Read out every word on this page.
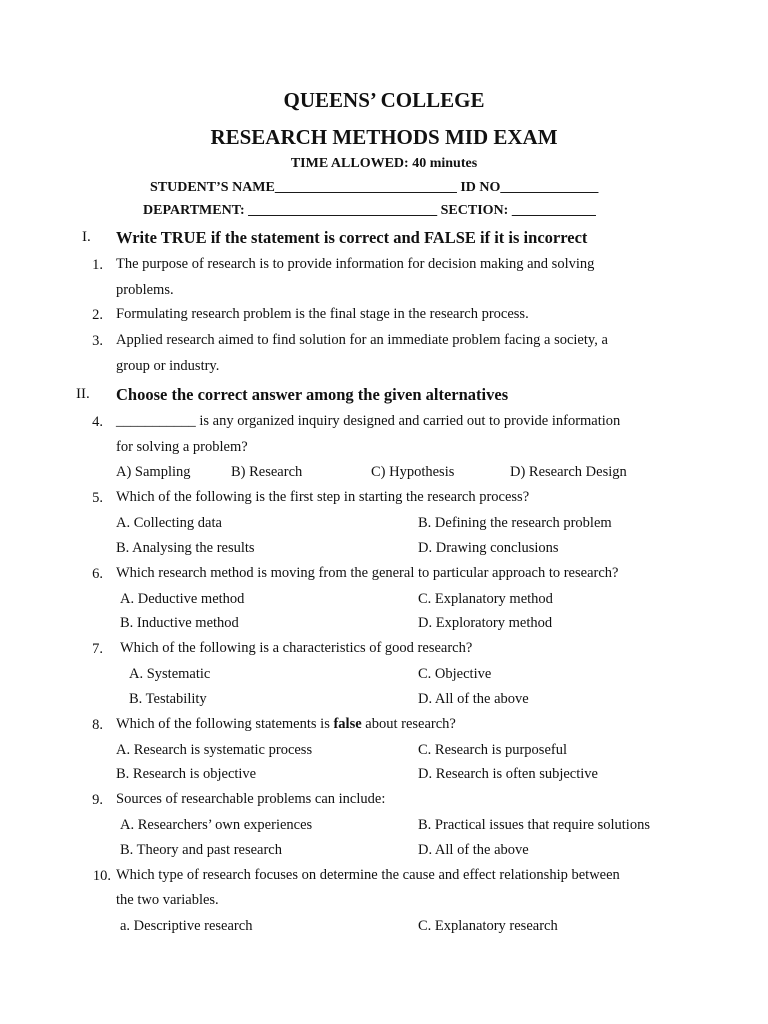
QUEENS’ COLLEGE
RESEARCH METHODS MID EXAM
TIME ALLOWED: 40 minutes
STUDENT’S NAME__________________________ ID NO______________
DEPARTMENT: ___________________________ SECTION: ____________
I. Write TRUE if the statement is correct and FALSE if it is incorrect
1. The purpose of research is to provide information for decision making and solving
problems.
2. Formulating research problem is the final stage in the research process.
3. Applied research aimed to find solution for an immediate problem facing a society, a
group or industry.
II. Choose the correct answer among the given alternatives
4. ___________ is any organized inquiry designed and carried out to provide information
for solving a problem?
A) Sampling	B) Research	C) Hypothesis	D) Research Design
5. Which of the following is the first step in starting the research process?
A. Collecting data	B. Defining the research problem
B. Analysing the results	D. Drawing conclusions
6. Which research method is moving from the general to particular approach to research?
A. Deductive method	C. Explanatory method
B. Inductive method	D. Exploratory method
7. Which of the following is a characteristics of good research?
A. Systematic	C. Objective
B. Testability	D. All of the above
8. Which of the following statements is false about research?
A. Research is systematic process	C. Research is purposeful
B. Research is objective	D. Research is often subjective
9. Sources of researchable problems can include:
A. Researchers’ own experiences	B. Practical issues that require solutions
B. Theory and past research	D. All of the above
10. Which type of research focuses on determine the cause and effect relationship between
the two variables.
a. Descriptive research	C. Explanatory research
